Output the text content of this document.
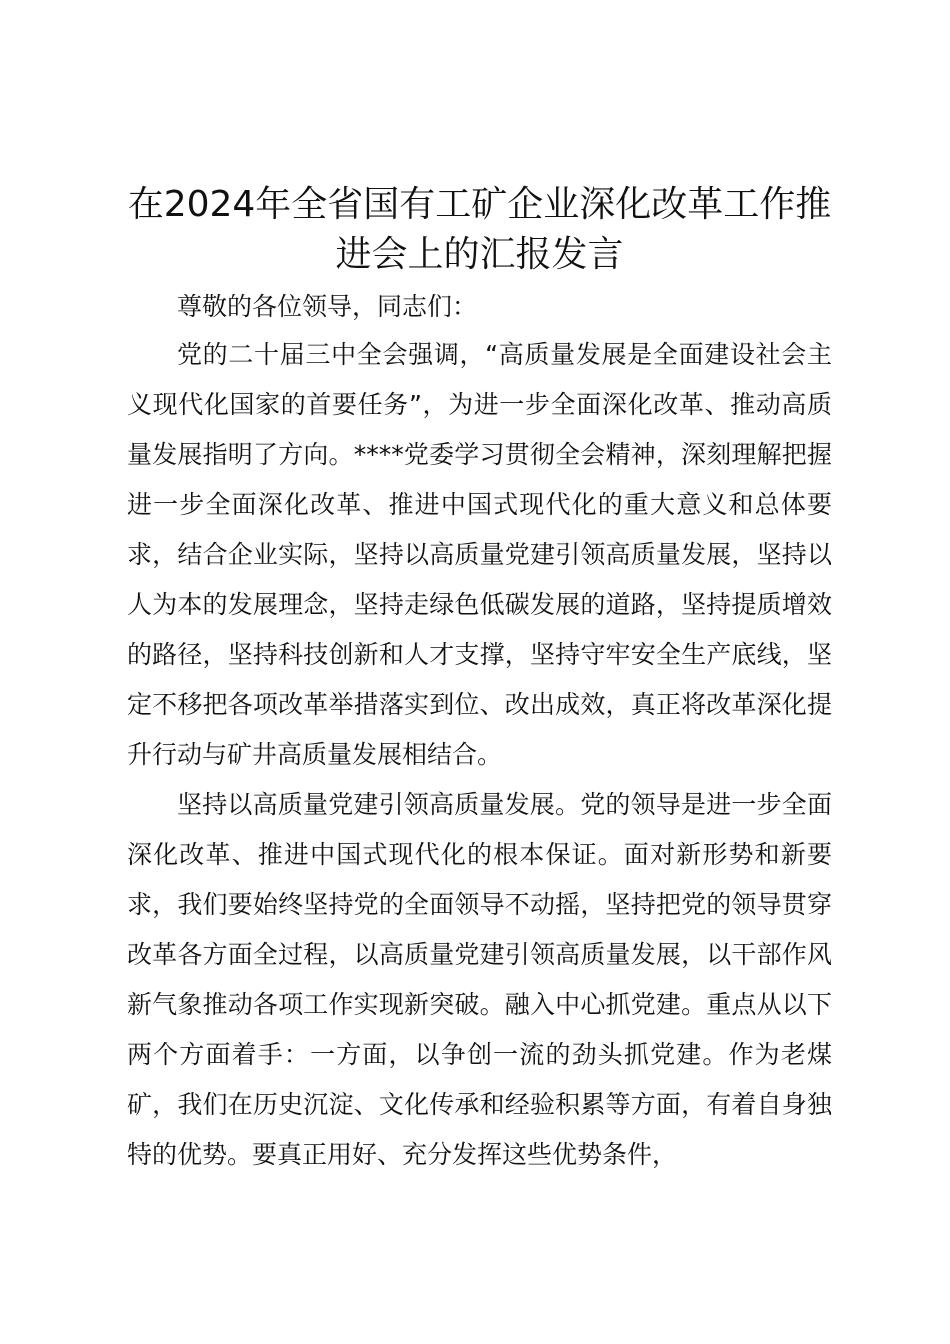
在2024年全省国有工矿企业深化改革工作推进会上的汇报发言

尊敬的各位领导，同志们：

党的二十届三中全会强调，“高质量发展是全面建设社会主义现代化国家的首要任务”，为进一步全面深化改革、推动高质量发展指明了方向。****党委学习贯彻全会精神，深刻理解把握进一步全面深化改革、推进中国式现代化的重大意义和总体要求，结合企业实际，坚持以高质量党建引领高质量发展，坚持以人为本的发展理念，坚持走绿色低碳发展的道路，坚持提质增效的路径，坚持科技创新和人才支撑，坚持守牢安全生产底线，坚定不移把各项改革举措落实到位、改出成效，真正将改革深化提升行动与矿井高质量发展相结合。

坚持以高质量党建引领高质量发展。党的领导是进一步全面深化改革、推进中国式现代化的根本保证。面对新形势和新要求，我们要始终坚持党的全面领导不动摇，坚持把党的领导贯穿改革各方面全过程，以高质量党建引领高质量发展，以干部作风新气象推动各项工作实现新突破。融入中心抓党建。重点从以下两个方面着手：一方面，以争创一流的劲头抓党建。作为老煤矿，我们在历史沉淀、文化传承和经验积累等方面，有着自身独特的优势。要真正用好、充分发挥这些优势条件，
